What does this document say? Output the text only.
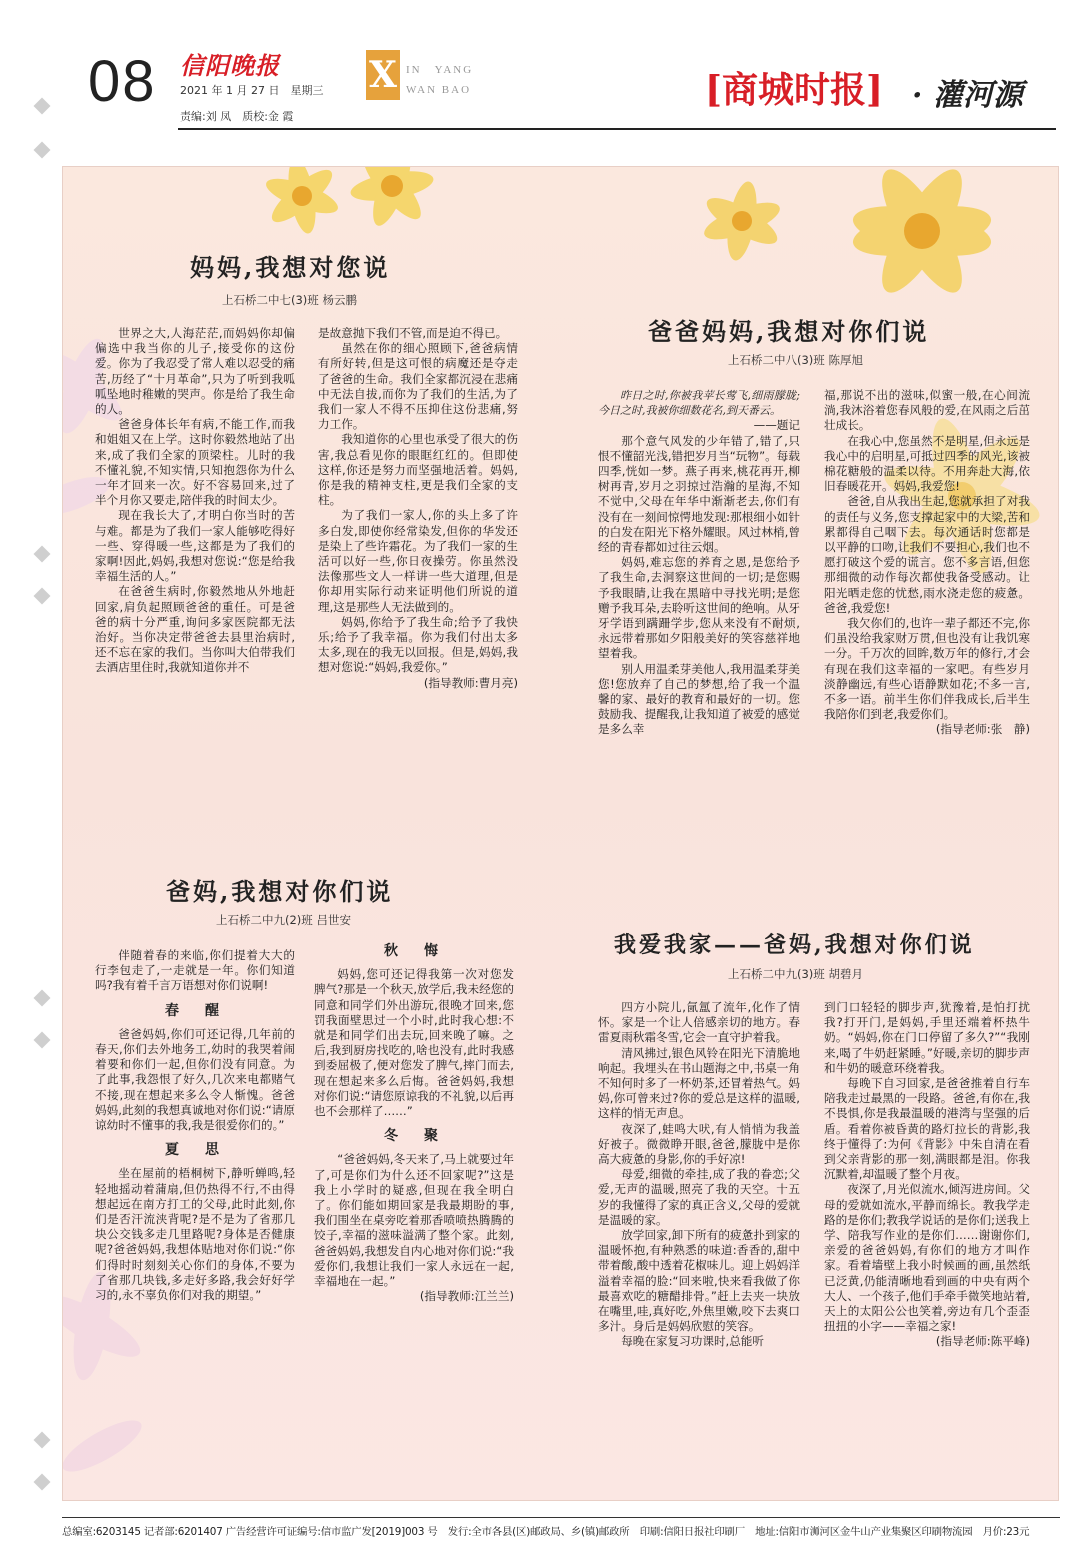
08 信阳晚报
2021 年 1 月 27 日　星期三
责编:刘 凤　质校:金 霞
X IN　YANG
WAN BAO	[商城时报] · 灌河源
妈妈,我想对您说
上石桥二中七(3)班 杨云鹏

世界之大,人海茫茫,而妈妈你却偏偏选中我当你的儿子,接受你的这份爱。你为了我忍受了常人难以忍受的痛苦,历经了“十月革命”,只为了听到我呱呱坠地时稚嫩的哭声。你是给了我生命的人。

爸爸身体长年有病,不能工作,而我和姐姐又在上学。这时你毅然地站了出来,成了我们全家的顶梁柱。儿时的我不懂礼貌,不知实情,只知抱怨你为什么一年才回来一次。好不容易回来,过了半个月你又要走,陪伴我的时间太少。

现在我长大了,才明白你当时的苦与难。都是为了我们一家人能够吃得好一些、穿得暖一些,这都是为了我们的家啊!因此,妈妈,我想对您说:“您是给我幸福生活的人。”

在爸爸生病时,你毅然地从外地赶回家,肩负起照顾爸爸的重任。可是爸爸的病十分严重,询问多家医院都无法治好。当你决定带爸爸去县里治病时,还不忘在家的我们。当你叫大伯带我们去酒店里住时,我就知道你并不

是故意抛下我们不管,而是迫不得已。

虽然在你的细心照顾下,爸爸病情有所好转,但是这可恨的病魔还是夺走了爸爸的生命。我们全家都沉浸在悲痛中无法自拔,而你为了我们的生活,为了我们一家人不得不压抑住这份悲痛,努力工作。

我知道你的心里也承受了很大的伤害,我总看见你的眼眶红红的。但即使这样,你还是努力而坚强地活着。妈妈,你是我的精神支柱,更是我们全家的支柱。

为了我们一家人,你的头上多了许多白发,即使你经常染发,但你的华发还是染上了些许霜花。为了我们一家的生活可以好一些,你日夜操劳。你虽然没法像那些文人一样讲一些大道理,但是你却用实际行动来证明他们所说的道理,这是那些人无法做到的。

妈妈,你给予了我生命;给予了我快乐;给予了我幸福。你为我们付出太多太多,现在的我无以回报。但是,妈妈,我想对您说:“妈妈,我爱你。”

(指导教师:曹月亮)

爸爸妈妈,我想对你们说
上石桥二中八(3)班 陈厚旭

昨日之时,你被我苹长莺飞,细雨朦胧;今日之时,我被你细数花名,到天番云。

——题记

那个意气风发的少年错了,错了,只恨不懂韶光浅,错把岁月当“玩物”。每载四季,恍如一梦。燕子再来,桃花再开,柳树再青,岁月之羽掠过浩瀚的星海,不知不觉中,父母在年华中渐渐老去,你们有没有在一刻间惊愕地发现:那根细小如针的白发在阳光下格外耀眼。风过林梢,曾经的青春都如过往云烟。

妈妈,难忘您的养育之恩,是您给予了我生命,去洞察这世间的一切;是您赐予我眼睛,让我在黑暗中寻找光明;是您赠予我耳朵,去聆听这世间的绝响。从牙牙学语到蹒跚学步,您从来没有不耐烦,永远带着那如夕阳般美好的笑容慈祥地望着我。

别人用温柔芽美他人,我用温柔芽美您!您放弃了自己的梦想,给了我一个温馨的家、最好的教育和最好的一切。您鼓励我、提醒我,让我知道了被爱的感觉是多么幸

福,那说不出的滋味,似蜜一般,在心间流淌,我沐浴着您春风般的爱,在风雨之后茁壮成长。

在我心中,您虽然不是明星,但永远是我心中的启明星,可抵过四季的风光,该被棉花糖般的温柔以待。不用奔赴大海,依旧春暖花开。妈妈,我爱您!

爸爸,自从我出生起,您就承担了对我的责任与义务,您支撑起家中的大梁,苦和累都得自己咽下去。每次通话时您都是以平静的口吻,让我们不要担心,我们也不愿打破这个爱的谎言。您不多言语,但您那细微的动作每次都使我备受感动。让阳光晒走您的忧愁,雨水浇走您的疲惫。爸爸,我爱您!

我欠你们的,也许一辈子都还不完,你们虽没给我家财万贯,但也没有让我饥寒一分。千万次的回眸,数万年的修行,才会有现在我们这幸福的一家吧。有些岁月淡静幽远,有些心语静默如花;不多一言,不多一语。前半生你们伴我成长,后半生我陪你们到老,我爱你们。

(指导老师:张　静)

爸妈,我想对你们说
上石桥二中九(2)班 吕世安

伴随着春的来临,你们提着大大的行李包走了,一走就是一年。你们知道吗?我有着千言万语想对你们说啊!

春　醒

爸爸妈妈,你们可还记得,几年前的春天,你们去外地务工,幼时的我哭着闹着要和你们一起,但你们没有同意。为了此事,我怨恨了好久,几次来电都赌气不接,现在想起来多么令人惭愧。爸爸妈妈,此刻的我想真诚地对你们说:“请原谅幼时不懂事的我,我是很爱你们的。”

夏　思

坐在屋前的梧桐树下,静听蝉鸣,轻轻地摇动着蒲扇,但仍热得不行,不由得想起远在南方打工的父母,此时此刻,你们是否汗流浃背呢?是不是为了省那几块公交钱多走几里路呢?身体是否健康呢?爸爸妈妈,我想体贴地对你们说:“你们得时时刻刻关心你们的身体,不要为了省那几块钱,多走好多路,我会好好学习的,永不辜负你们对我的期望。”

秋　悔

妈妈,您可还记得我第一次对您发脾气?那是一个秋天,放学后,我未经您的同意和同学们外出游玩,很晚才回来,您罚我面壁思过一个小时,此时我心想:不就是和同学们出去玩,回来晚了嘛。之后,我到厨房找吃的,啥也没有,此时我感到委屈极了,便对您发了脾气,摔门而去,现在想起来多么后悔。爸爸妈妈,我想对你们说:“请您原谅我的不礼貌,以后再也不会那样了……”

冬　聚

“爸爸妈妈,冬天来了,马上就要过年了,可是你们为什么还不回家呢?”这是我上小学时的疑惑,但现在我全明白了。你们能如期回家是我最期盼的事,我们围坐在桌旁吃着那香喷喷热腾腾的饺子,幸福的滋味溢满了整个家。此刻,爸爸妈妈,我想发自内心地对你们说:“我爱你们,我想让我们一家人永远在一起,幸福地在一起。”

(指导教师:江兰兰)

我爱我家——爸妈,我想对你们说
上石桥二中九(3)班 胡碧月

四方小院儿,氤氲了流年,化作了情怀。家是一个让人倍感亲切的地方。春雷夏雨秋霜冬雪,它会一直守护着我。

清风拂过,银色风铃在阳光下清脆地响起。我埋头在书山题海之中,书桌一角不知何时多了一杯奶茶,还冒着热气。妈妈,你可曾来过?你的爱总是这样的温暖,这样的悄无声息。

夜深了,蛙鸣大吠,有人悄悄为我盖好被子。微微睁开眼,爸爸,朦胧中是你高大疲惫的身影,你的手好凉!

母爱,细微的牵挂,成了我的眷恋;父爱,无声的温暖,照亮了我的天空。十五岁的我懂得了家的真正含义,父母的爱就是温暖的家。

放学回家,卸下所有的疲惫扑到家的温暖怀抱,有种熟悉的味道:香香的,甜中带着酸,酸中透着花椒味儿。迎上妈妈洋溢着幸福的脸:“回来啦,快来看我做了你最喜欢吃的糖醋排骨。”赶上去夹一块放在嘴里,哇,真好吃,外焦里嫩,咬下去爽口多汁。身后是妈妈欣慰的笑容。

每晚在家复习功课时,总能听

到门口轻轻的脚步声,犹豫着,是怕打扰我?打开门,是妈妈,手里还端着杯热牛奶。“妈妈,你在门口停留了多久?”“我刚来,喝了牛奶赶紧睡。”好暖,亲切的脚步声和牛奶的暖意环绕着我。

每晚下自习回家,是爸爸推着自行车陪我走过最黑的一段路。爸爸,有你在,我不畏惧,你是我最温暖的港湾与坚强的后盾。看着你被昏黄的路灯拉长的背影,我终于懂得了:为何《背影》中朱自清在看到父亲背影的那一刻,满眼都是泪。你我沉默着,却温暖了整个月夜。

夜深了,月光似流水,倾泻进房间。父母的爱就如流水,平静而绵长。教我学走路的是你们;教我学说话的是你们;送我上学、陪我写作业的是你们……谢谢你们,亲爱的爸爸妈妈,有你们的地方才叫作家。看着墙壁上我小时候画的画,虽然纸已泛黄,仍能清晰地看到画的中央有两个大人、一个孩子,他们手牵手微笑地站着,天上的太阳公公也笑着,旁边有几个歪歪扭扭的小字——幸福之家!

(指导老师:陈平峰)

总编室:6203145 记者部:6201407 广告经营许可证编号:信市监广发[2019]003 号　发行:全市各县(区)邮政局、乡(镇)邮政所　印刷:信阳日报社印刷厂　地址:信阳市浉河区金牛山产业集聚区印刷物流园　月价:23元
